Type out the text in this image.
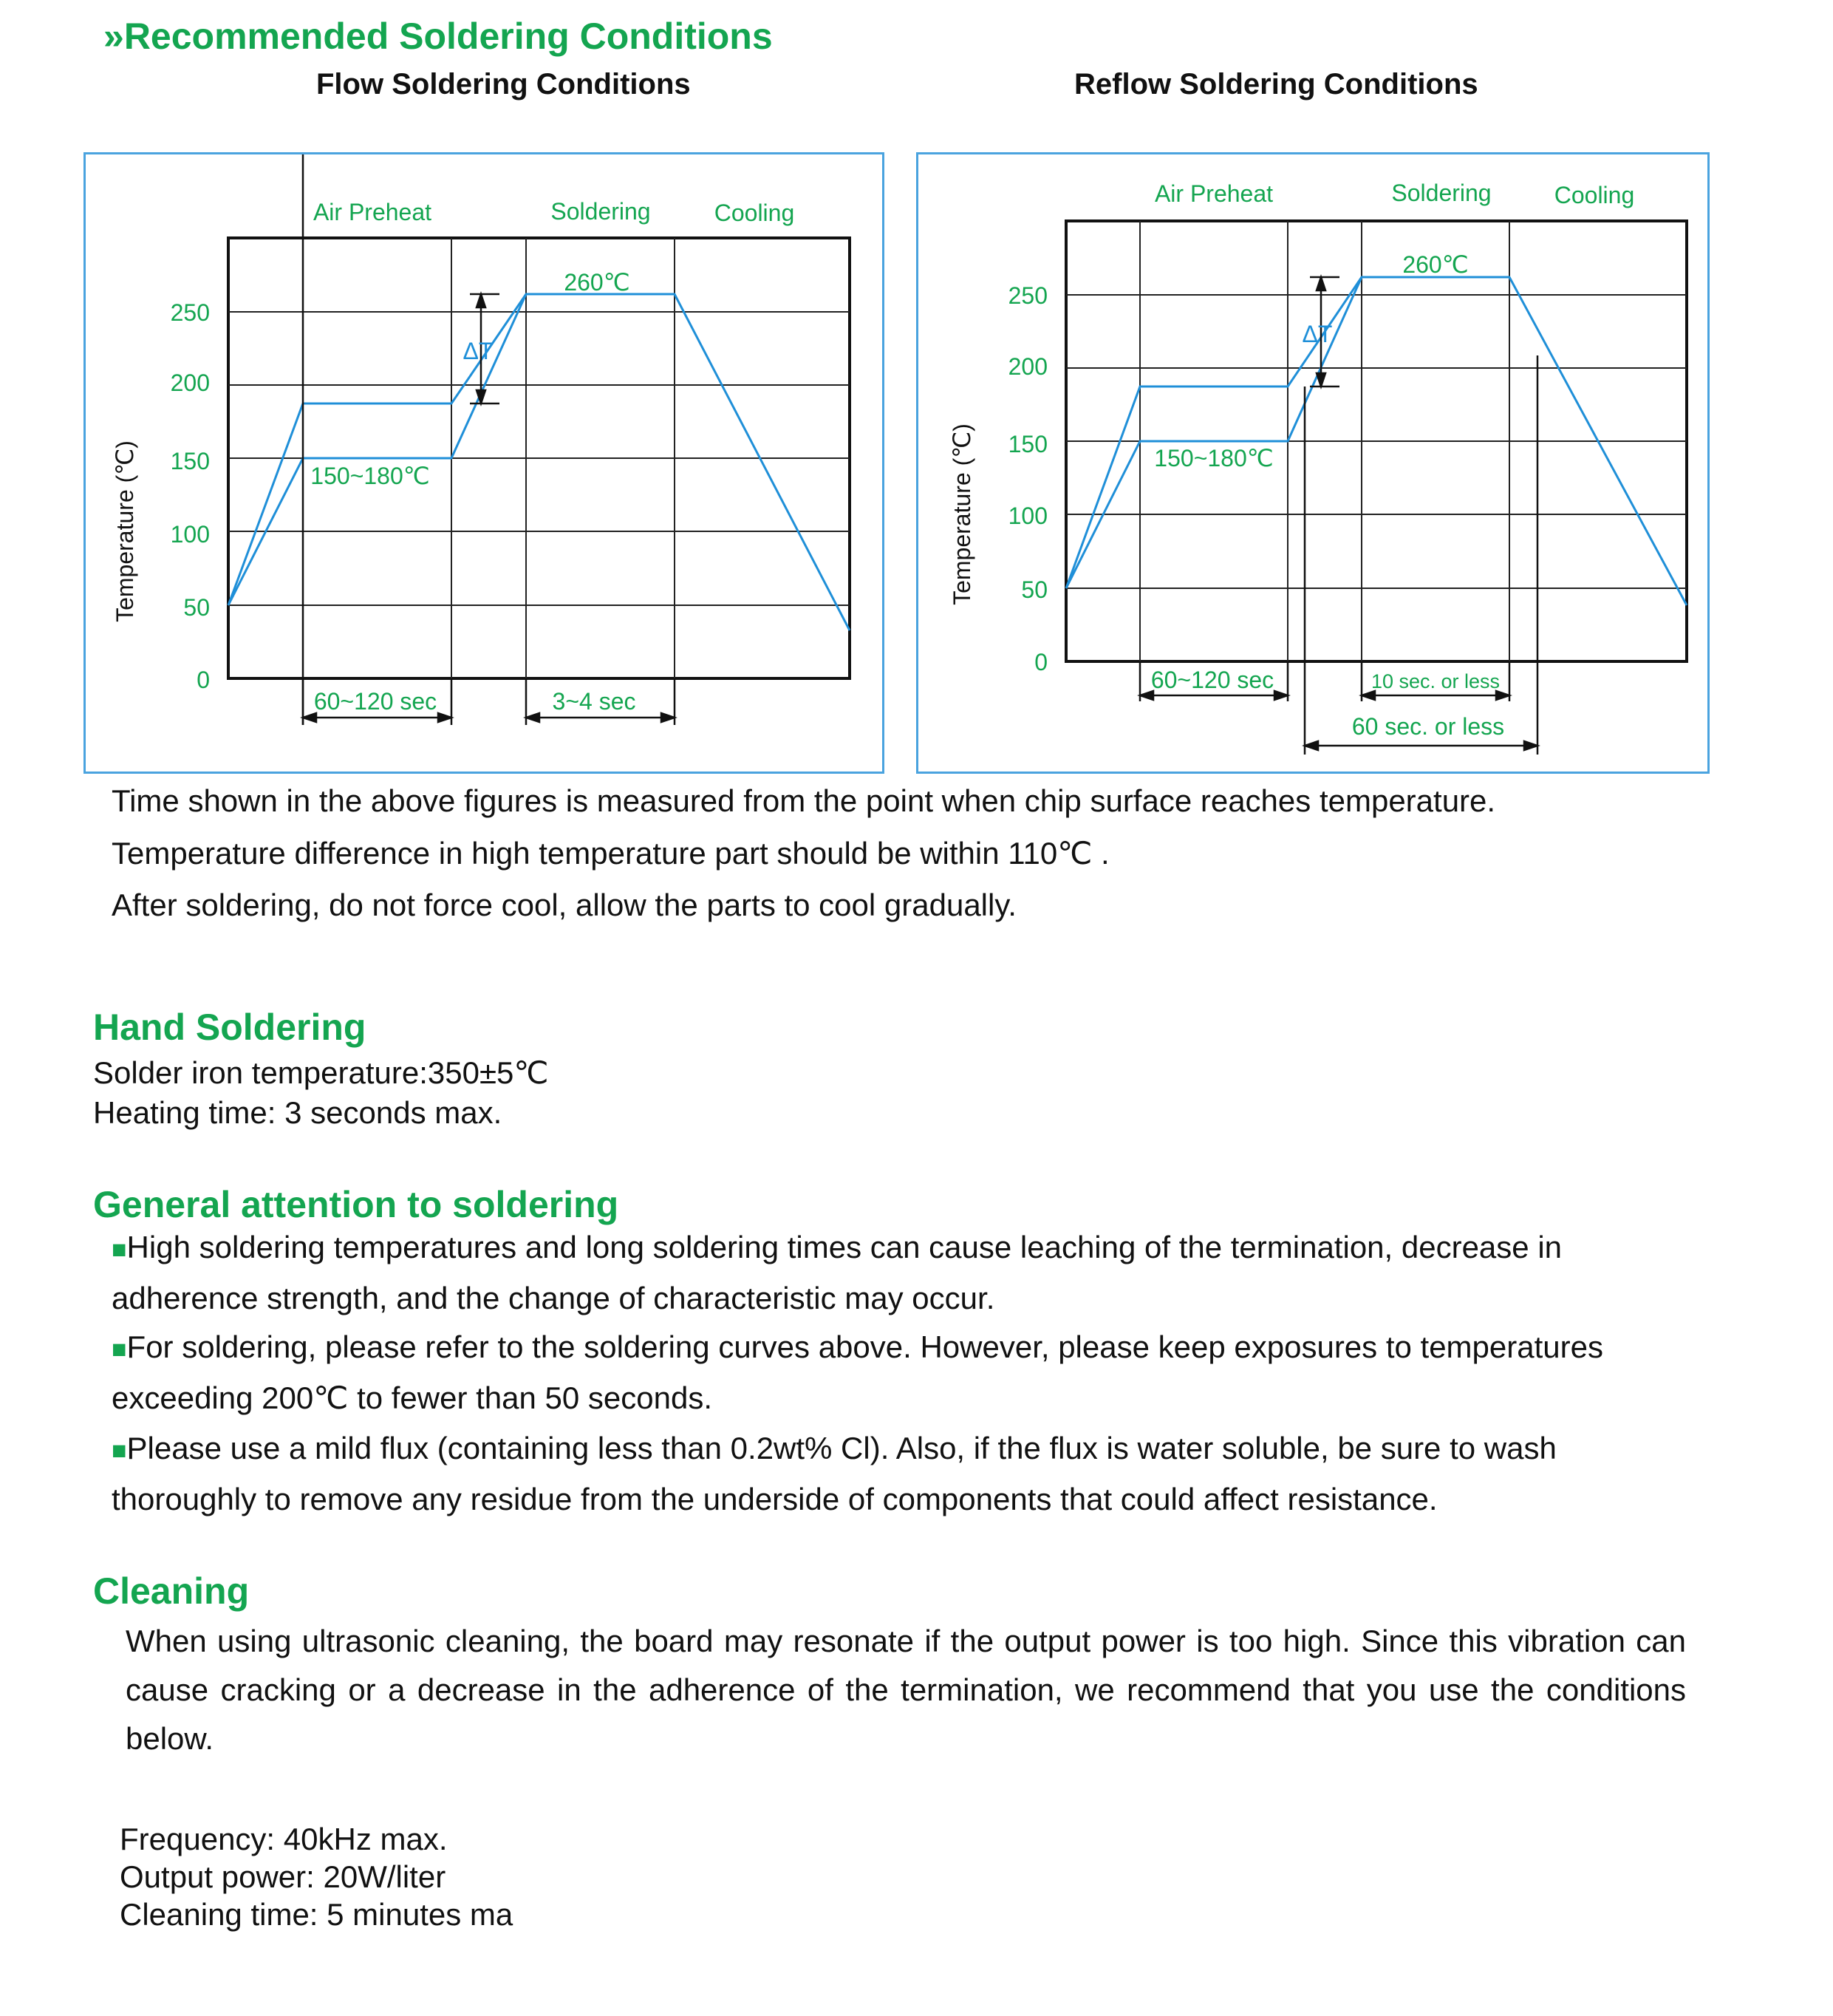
»Recommended Soldering Conditions
Flow Soldering Conditions	Reflow Soldering Conditions
0
50
100
150
200
250
Temperature (℃)
Air Preheat	Soldering	Cooling
260℃
150~180℃
ΔT
60~120 sec	3~4 sec
0
50
100
150
200
250
Temperature (℃)
Air Preheat	Soldering	Cooling
260℃
150~180℃
ΔT
60~120 sec	10 sec. or less
60 sec. or less
Time shown in the above figures is measured from the point when chip surface reaches temperature.
Temperature difference in high temperature part should be within 110℃ .
After soldering, do not force cool, allow the parts to cool gradually.
Hand Soldering
Solder iron temperature:350±5℃
Heating time: 3 seconds max.
General attention to soldering
■High soldering temperatures and long soldering times can cause leaching of the termination, decrease in adherence strength, and the change of characteristic may occur.
■For soldering, please refer to the soldering curves above. However, please keep exposures to temperatures exceeding 200℃ to fewer than 50 seconds.
■Please use a mild flux (containing less than 0.2wt% Cl). Also, if the flux is water soluble, be sure to wash thoroughly to remove any residue from the underside of components that could affect resistance.
Cleaning
When using ultrasonic cleaning, the board may resonate if the output power is too high. Since this vibration can cause cracking or a decrease in the adherence of the termination, we recommend that you use the conditions below.
Frequency: 40kHz max.
Output power: 20W/liter
Cleaning time: 5 minutes ma
